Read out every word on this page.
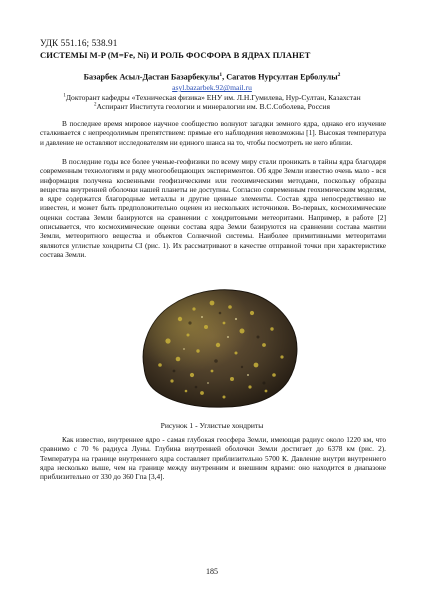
УДК 551.16; 538.91
СИСТЕМЫ M-P (M=Fe, Ni) И РОЛЬ ФОСФОРА В ЯДРАХ ПЛАНЕТ
Базарбек Асыл-Дастан Базарбекулы$^1$, Сагатов Нурсултан Ерболулы$^2$
asyl.bazarbek.92@mail.ru
$^1$Докторант кафедры «Техническая физика» ЕНУ им. Л.Н.Гумилева, Нур-Султан, Казахстан
$^2$Аспирант Института геологии и минералогии им. В.С.Соболева, Россия
В последнее время мировое научное сообщество волнуют загадки земного ядра, однако его изучение сталкивается с непреодолимым препятствием: прямые его наблюдения невозможны [1]. Высокая температура и давление не оставляют исследователям ни единого шанса на то, чтобы посмотреть не него вблизи.
В последние годы все более ученые-геофизики по всему миру стали проникать в тайны ядра благодаря современным технологиям и ряду многообещающих экспериментов. Об ядре Земли известно очень мало - вся информация получена косвенными геофизическими или геохимическими методами, поскольку образцы вещества внутренней оболочки нашей планеты не доступны. Согласно современным геохимическим моделям, в ядре содержатся благородные металлы и другие ценные элементы. Состав ядра непосредственно не известен, и может быть предположительно оценен из нескольких источников. Во-первых, космохимические оценки состава Земли базируются на сравнении с хондритовыми метеоритами. Например, в работе [2] описывается, что космохимические оценки состава ядра Земли базируются на сравнении состава мантии Земли, метеоритного вещества и объектов Солнечной системы. Наиболее примитивными метеоритами являются углистые хондриты CI (рис. 1). Их рассматривают в качестве отправной точки при характеристике состава Земли.
Рисунок 1 - Углистые хондриты
Как известно, внутреннее ядро - самая глубокая геосфера Земли, имеющая радиус около 1220 км, что сравнимо с 70 % радиуса Луны. Глубина внутренней оболочки Земли достигает до 6378 км (рис. 2). Температура на границе внутреннего ядра составляет приблизительно 5700 К. Давление внутри внутреннего ядра несколько выше, чем на границе между внутренним и внешним ядрами: оно находится в диапазоне приблизительно от 330 до 360 Гпа [3,4].
185
